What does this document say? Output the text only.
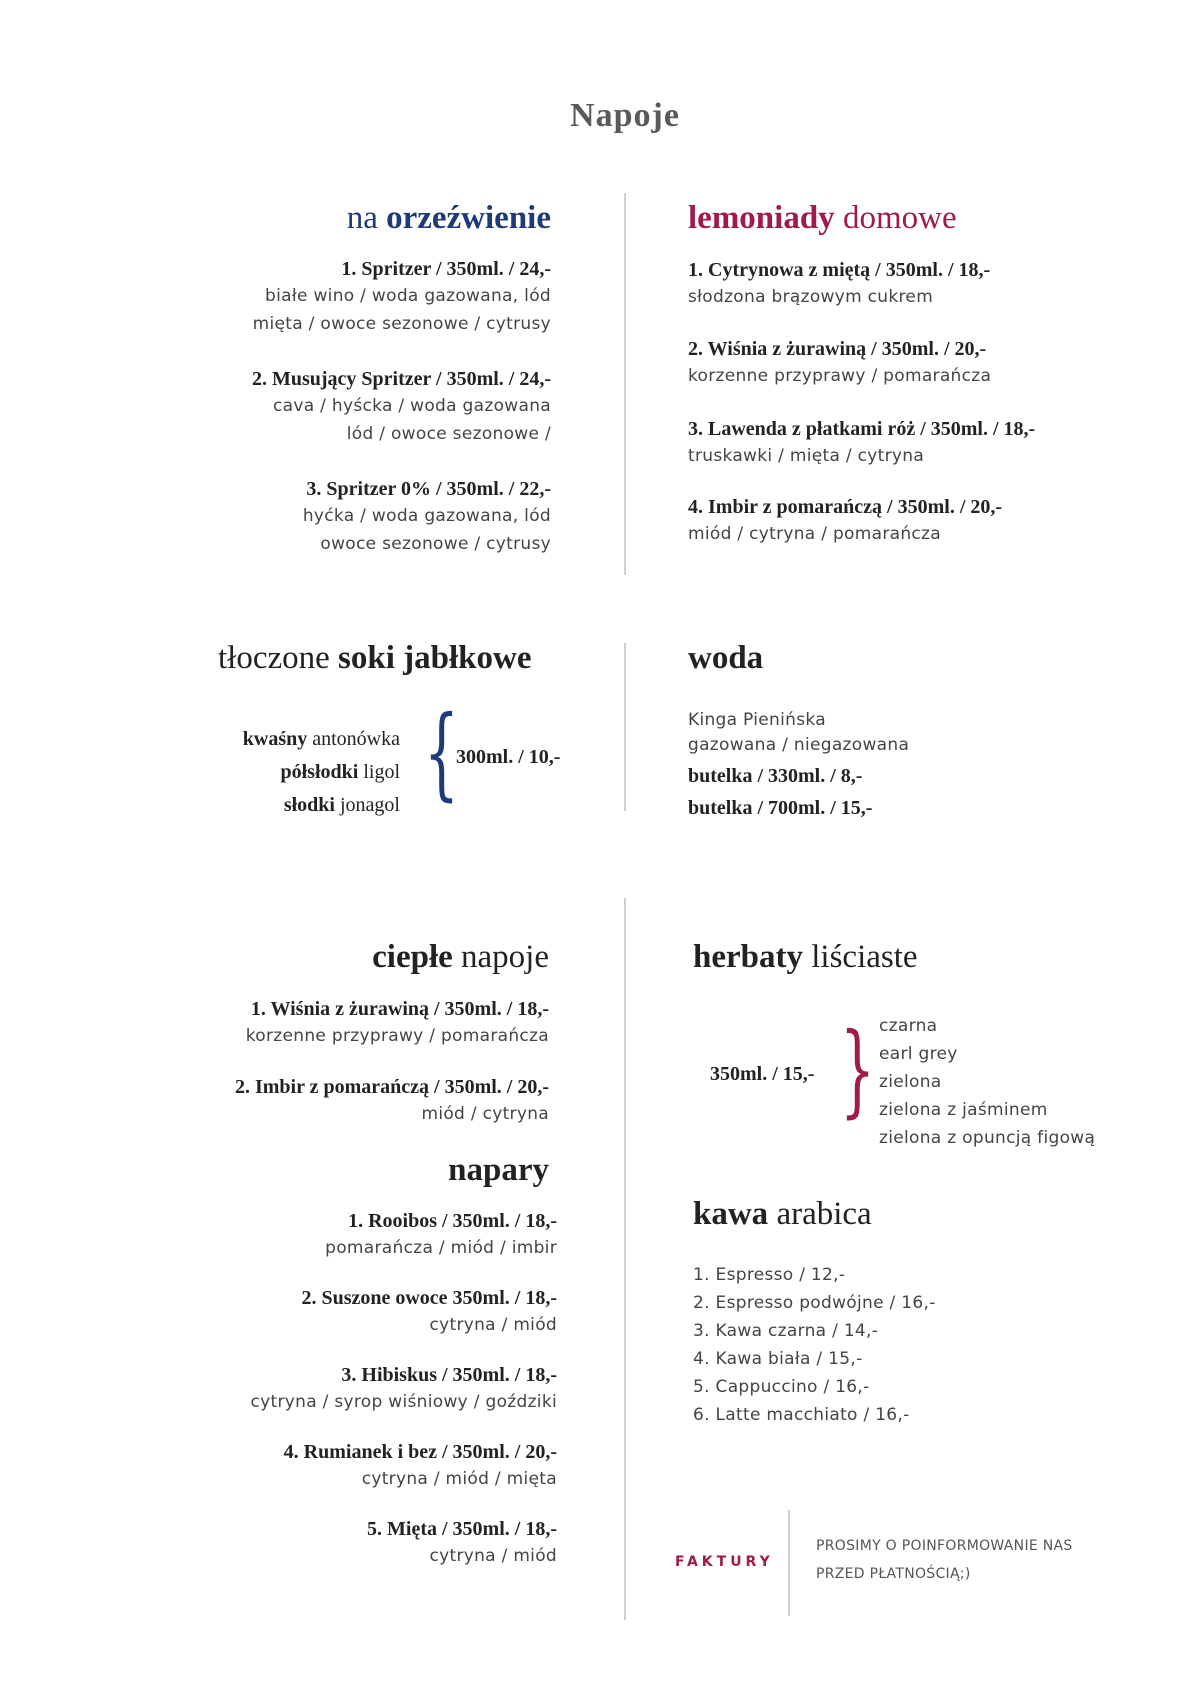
Napoje
na orzeźwienie
1. Spritzer / 350ml. / 24,-
białe wino / woda gazowana, lód
mięta / owoce sezonowe / cytrusy
2. Musujący Spritzer / 350ml. / 24,-
cava / hyścka / woda gazowana
lód / owoce sezonowe /
3. Spritzer 0% / 350ml. / 22,-
hyćka / woda gazowana, lód
owoce sezonowe / cytrusy
lemoniady domowe
1. Cytrynowa z miętą / 350ml. / 18,-
słodzona brązowym cukrem
2. Wiśnia z żurawiną / 350ml. / 20,-
korzenne przyprawy / pomarańcza
3. Lawenda z płatkami róż / 350ml. / 18,-
truskawki / mięta / cytryna
4. Imbir z pomarańczą / 350ml. / 20,-
miód / cytryna / pomarańcza
tłoczone soki jabłkowe
kwaśny antonówka
półsłodki ligol
słodki jonagol {
300ml. / 10,-
woda
Kinga Pienińska
gazowana / niegazowana
butelka / 330ml. / 8,-
butelka / 700ml. / 15,-
ciepłe napoje
1. Wiśnia z żurawiną / 350ml. / 18,-
korzenne przyprawy / pomarańcza
2. Imbir z pomarańczą / 350ml. / 20,-
miód / cytryna
napary
1. Rooibos / 350ml. / 18,-
pomarańcza / miód / imbir
2. Suszone owoce 350ml. / 18,-
cytryna / miód
3. Hibiskus / 350ml. / 18,-
cytryna / syrop wiśniowy / goździki
4. Rumianek i bez / 350ml. / 20,-
cytryna / miód / mięta
5. Mięta / 350ml. / 18,-
cytryna / miód
herbaty liściaste
350ml. / 15,- } czarna
earl grey
zielona
zielona z jaśminem
zielona z opuncją figową
kawa arabica
1. Espresso / 12,-
2. Espresso podwójne / 16,-
3. Kawa czarna / 14,-
4. Kawa biała / 15,-
5. Cappuccino / 16,-
6. Latte macchiato / 16,-
FAKTURY
PROSIMY O POINFORMOWANIE NAS
PRZED PŁATNOŚCIĄ;)
